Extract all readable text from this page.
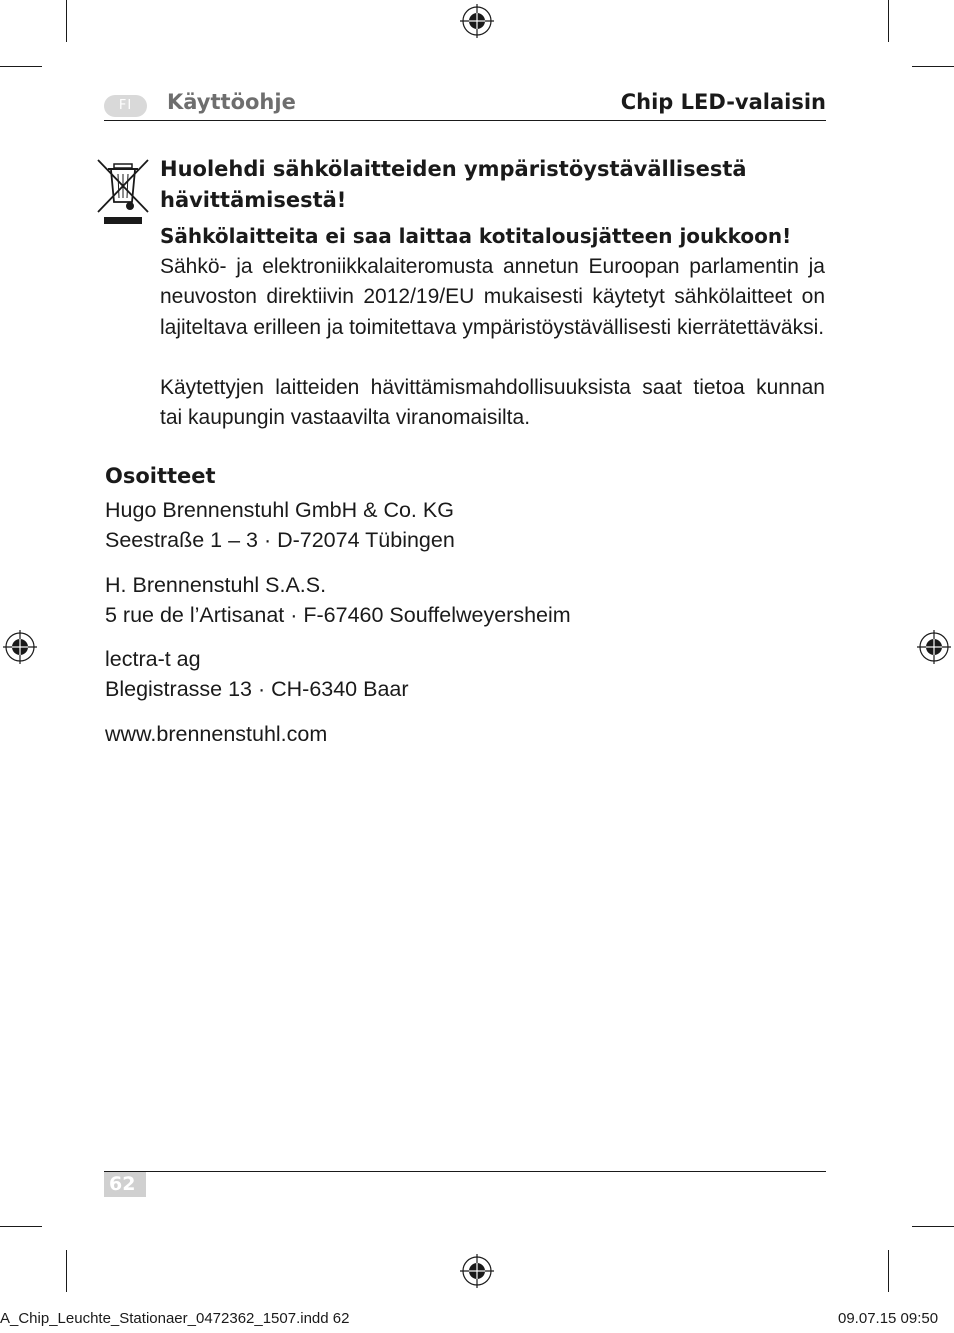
FI	Käyttöohje	Chip LED-valaisin
Huolehdi sähkölaitteiden ympäristöystävällisestä hävittämisestä!
Sähkölaitteita ei saa laittaa kotitalousjätteen joukkoon!
Sähkö- ja elektroniikkalaiteromusta annetun Euroopan parlamentin ja neuvoston direktiivin 2012/19/EU mukaisesti käytetyt sähkölaitteet on lajiteltava erilleen ja toimitettava ympäristöystävällisesti kierrätettäväksi.
Käytettyjen laitteiden hävittämismahdollisuuksista saat tietoa kunnan tai kaupungin vastaavilta viranomaisilta.
Osoitteet
Hugo Brennenstuhl GmbH & Co. KG
Seestraße 1 – 3 · D-72074 Tübingen
H. Brennenstuhl S.A.S.
5 rue de l’Artisanat · F-67460 Souffelweyersheim
lectra-t ag
Blegistrasse 13 · CH-6340 Baar
www.brennenstuhl.com
62
A_Chip_Leuchte_Stationaer_0472362_1507.indd 62	09.07.15 09:50
